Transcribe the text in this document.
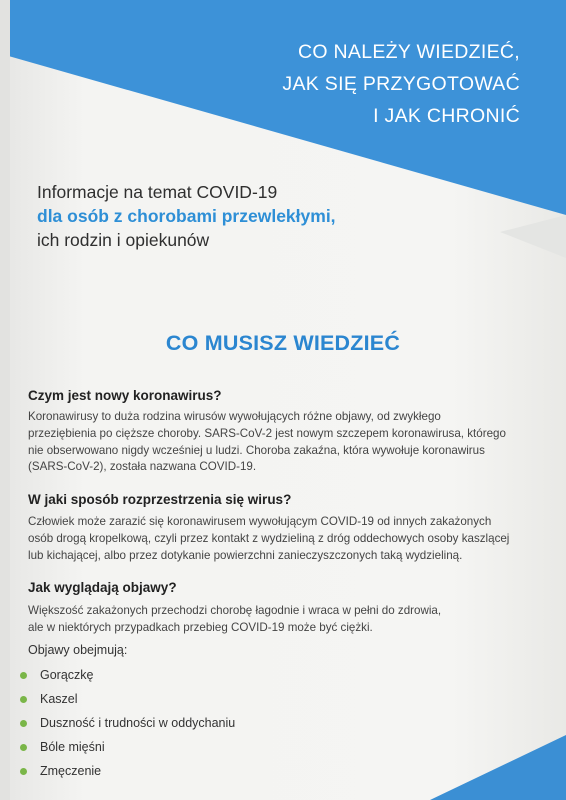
CO NALEŻY WIEDZIEĆ,
JAK SIĘ PRZYGOTOWAĆ
I JAK CHRONIĆ
Informacje na temat COVID-19
dla osób z chorobami przewlekłymi,
ich rodzin i opiekunów
CO MUSISZ WIEDZIEĆ
Czym jest nowy koronawirus?
Koronawirusy to duża rodzina wirusów wywołujących różne objawy, od zwykłego
przeziębienia po cięższe choroby. SARS-CoV-2 jest nowym szczepem koronawirusa, którego
nie obserwowano nigdy wcześniej u ludzi. Choroba zakaźna, która wywołuje koronawirus
(SARS-CoV-2), została nazwana COVID-19.
W jaki sposób rozprzestrzenia się wirus?
Człowiek może zarazić się koronawirusem wywołującym COVID-19 od innych zakażonych
osób drogą kropelkową, czyli przez kontakt z wydzieliną z dróg oddechowych osoby kaszlącej
lub kichającej, albo przez dotykanie powierzchni zanieczyszczonych taką wydzieliną.
Jak wyglądają objawy?
Większość zakażonych przechodzi chorobę łagodnie i wraca w pełni do zdrowia,
ale w niektórych przypadkach przebieg COVID-19 może być ciężki.
Objawy obejmują:
Gorączkę
Kaszel
Duszność i trudności w oddychaniu
Bóle mięśni
Zmęczenie
